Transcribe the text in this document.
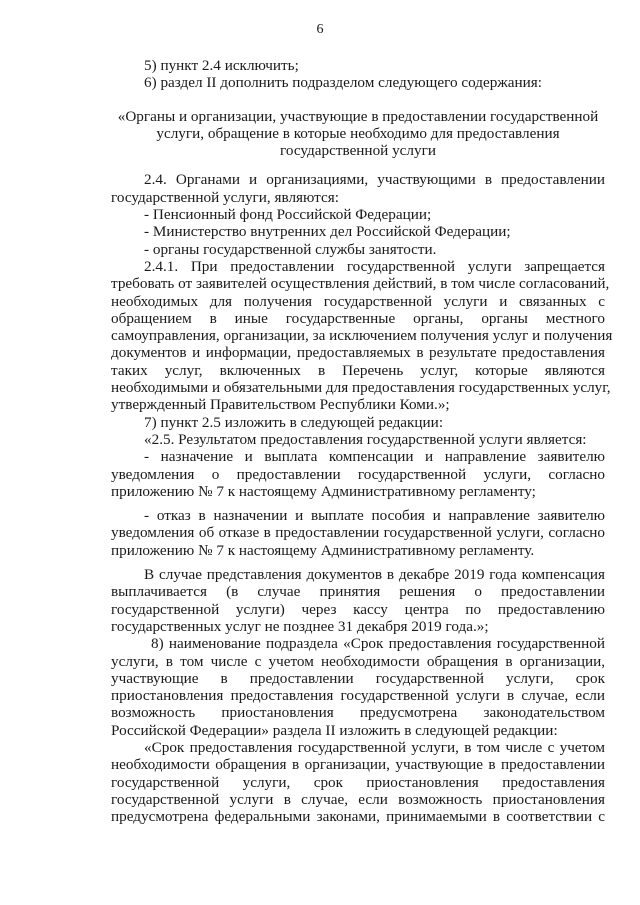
6
5) пункт 2.4 исключить;
6) раздел II дополнить подразделом следующего содержания:
«Органы и организации, участвующие в предоставлении государственной
услуги, обращение в которые необходимо для предоставления
государственной услуги
2.4. Органами и организациями, участвующими в предоставлении
государственной услуги, являются:
- Пенсионный фонд Российской Федерации;
- Министерство внутренних дел Российской Федерации;
- органы государственной службы занятости.
2.4.1. При предоставлении государственной услуги запрещается
требовать от заявителей осуществления действий, в том числе согласований,
необходимых для получения государственной услуги и связанных с
обращением в иные государственные органы, органы местного
самоуправления, организации, за исключением получения услуг и получения
документов и информации, предоставляемых в результате предоставления
таких услуг, включенных в Перечень услуг, которые являются
необходимыми и обязательными для предоставления государственных услуг,
утвержденный Правительством Республики Коми.»;
7) пункт 2.5 изложить в следующей редакции:
«2.5. Результатом предоставления государственной услуги является:
- назначение и выплата компенсации и направление заявителю
уведомления о предоставлении государственной услуги, согласно
приложению № 7 к настоящему Административному регламенту;
- отказ в назначении и выплате пособия и направление заявителю
уведомления об отказе в предоставлении государственной услуги, согласно
приложению № 7 к настоящему Административному регламенту.
В случае представления документов в декабре 2019 года компенсация
выплачивается (в случае принятия решения о предоставлении
государственной услуги) через кассу центра по предоставлению
государственных услуг не позднее 31 декабря 2019 года.»;
8) наименование подраздела «Срок предоставления государственной
услуги, в том числе с учетом необходимости обращения в организации,
участвующие в предоставлении государственной услуги, срок
приостановления предоставления государственной услуги в случае, если
возможность приостановления предусмотрена законодательством
Российской Федерации» раздела II изложить в следующей редакции:
«Срок предоставления государственной услуги, в том числе с учетом
необходимости обращения в организации, участвующие в предоставлении
государственной услуги, срок приостановления предоставления
государственной услуги в случае, если возможность приостановления
предусмотрена федеральными законами, принимаемыми в соответствии с
